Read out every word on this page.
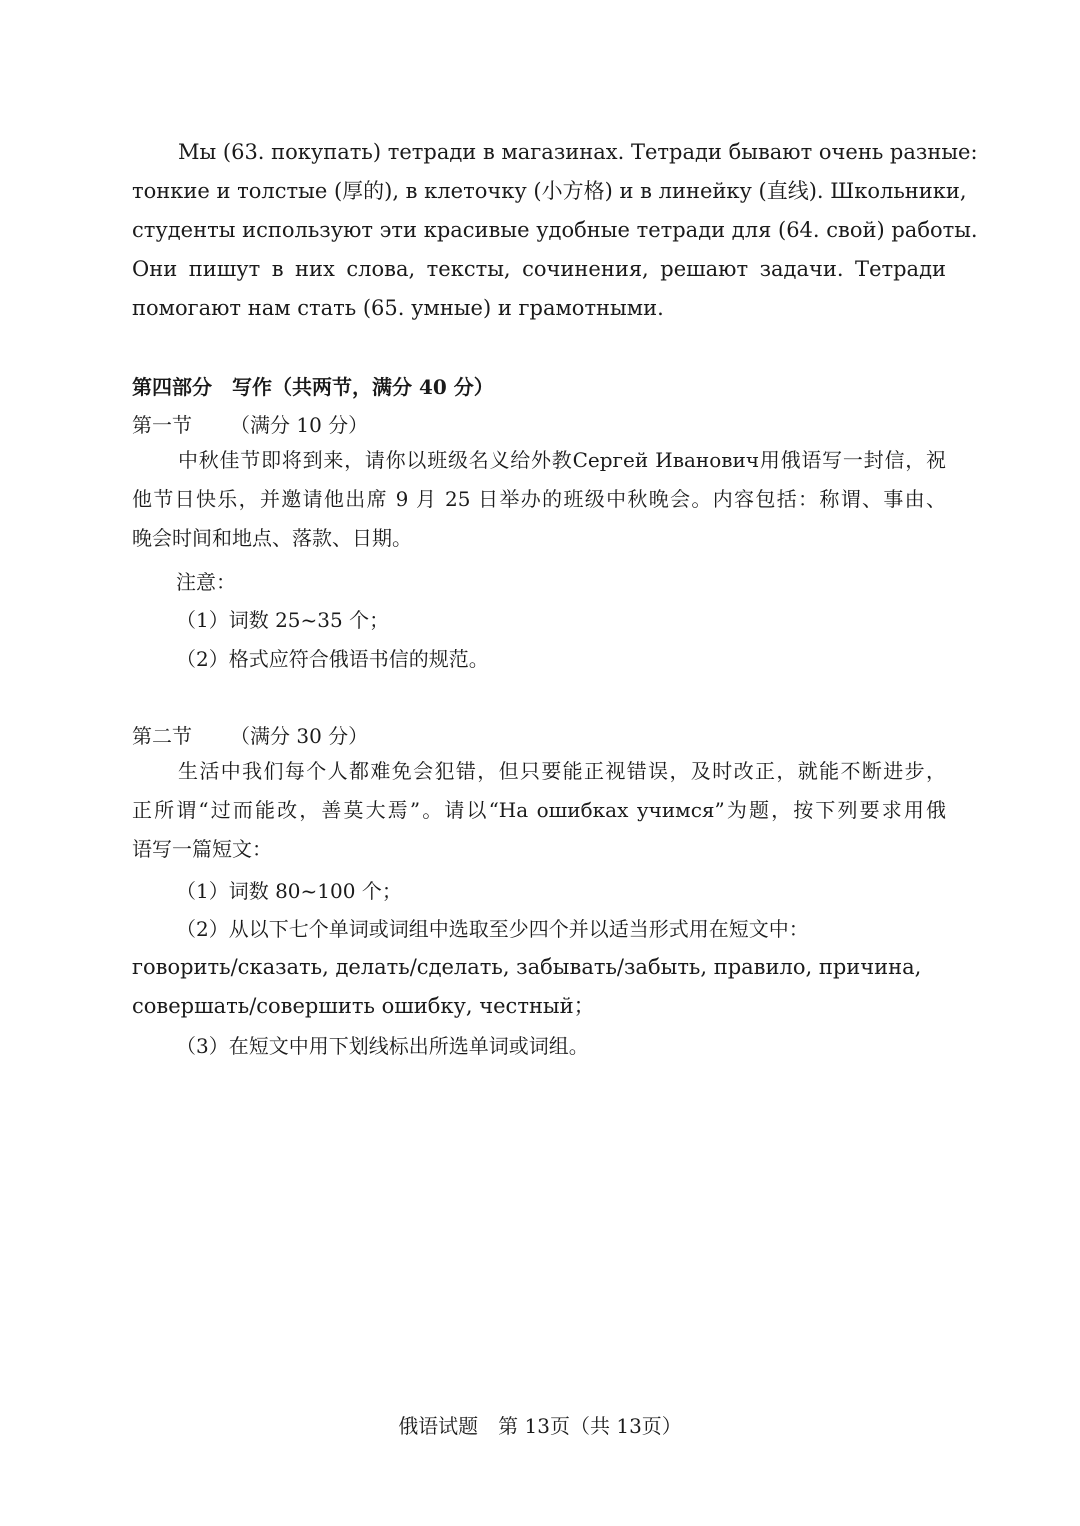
Мы (63. покупать) тетради в магазинах. Тетради бывают очень разные:
тонкие и толстые (厚的), в клеточку (小方格) и в линейку (直线). Школьники,
студенты используют эти красивые удобные тетради для (64. свой) работы.
Они пишут в них слова, тексты, сочинения, решают задачи. Тетради
помогают нам стать (65. умные) и грамотными.
第四部分　写作（共两节，满分 40 分）
第一节 （满分 10 分）
中秋佳节即将到来，请你以班级名义给外教Сергей Иванович用俄语写一封信，祝
他节日快乐，并邀请他出席 9 月 25 日举办的班级中秋晚会。内容包括：称谓、事由、
晚会时间和地点、落款、日期。
注意：
（1）词数 25~35 个；
（2）格式应符合俄语书信的规范。
第二节 （满分 30 分）
生活中我们每个人都难免会犯错，但只要能正视错误，及时改正，就能不断进步，
正所谓“过而能改，善莫大焉”。请以“На ошибках учимся”为题，按下列要求用俄
语写一篇短文：
（1）词数 80~100 个；
（2）从以下七个单词或词组中选取至少四个并以适当形式用在短文中：
говорить/сказать, делать/сделать, забывать/забыть, правило, причина,
совершать/совершить ошибку, честный；
（3）在短文中用下划线标出所选单词或词组。
俄语试题　第 13页（共 13页）
